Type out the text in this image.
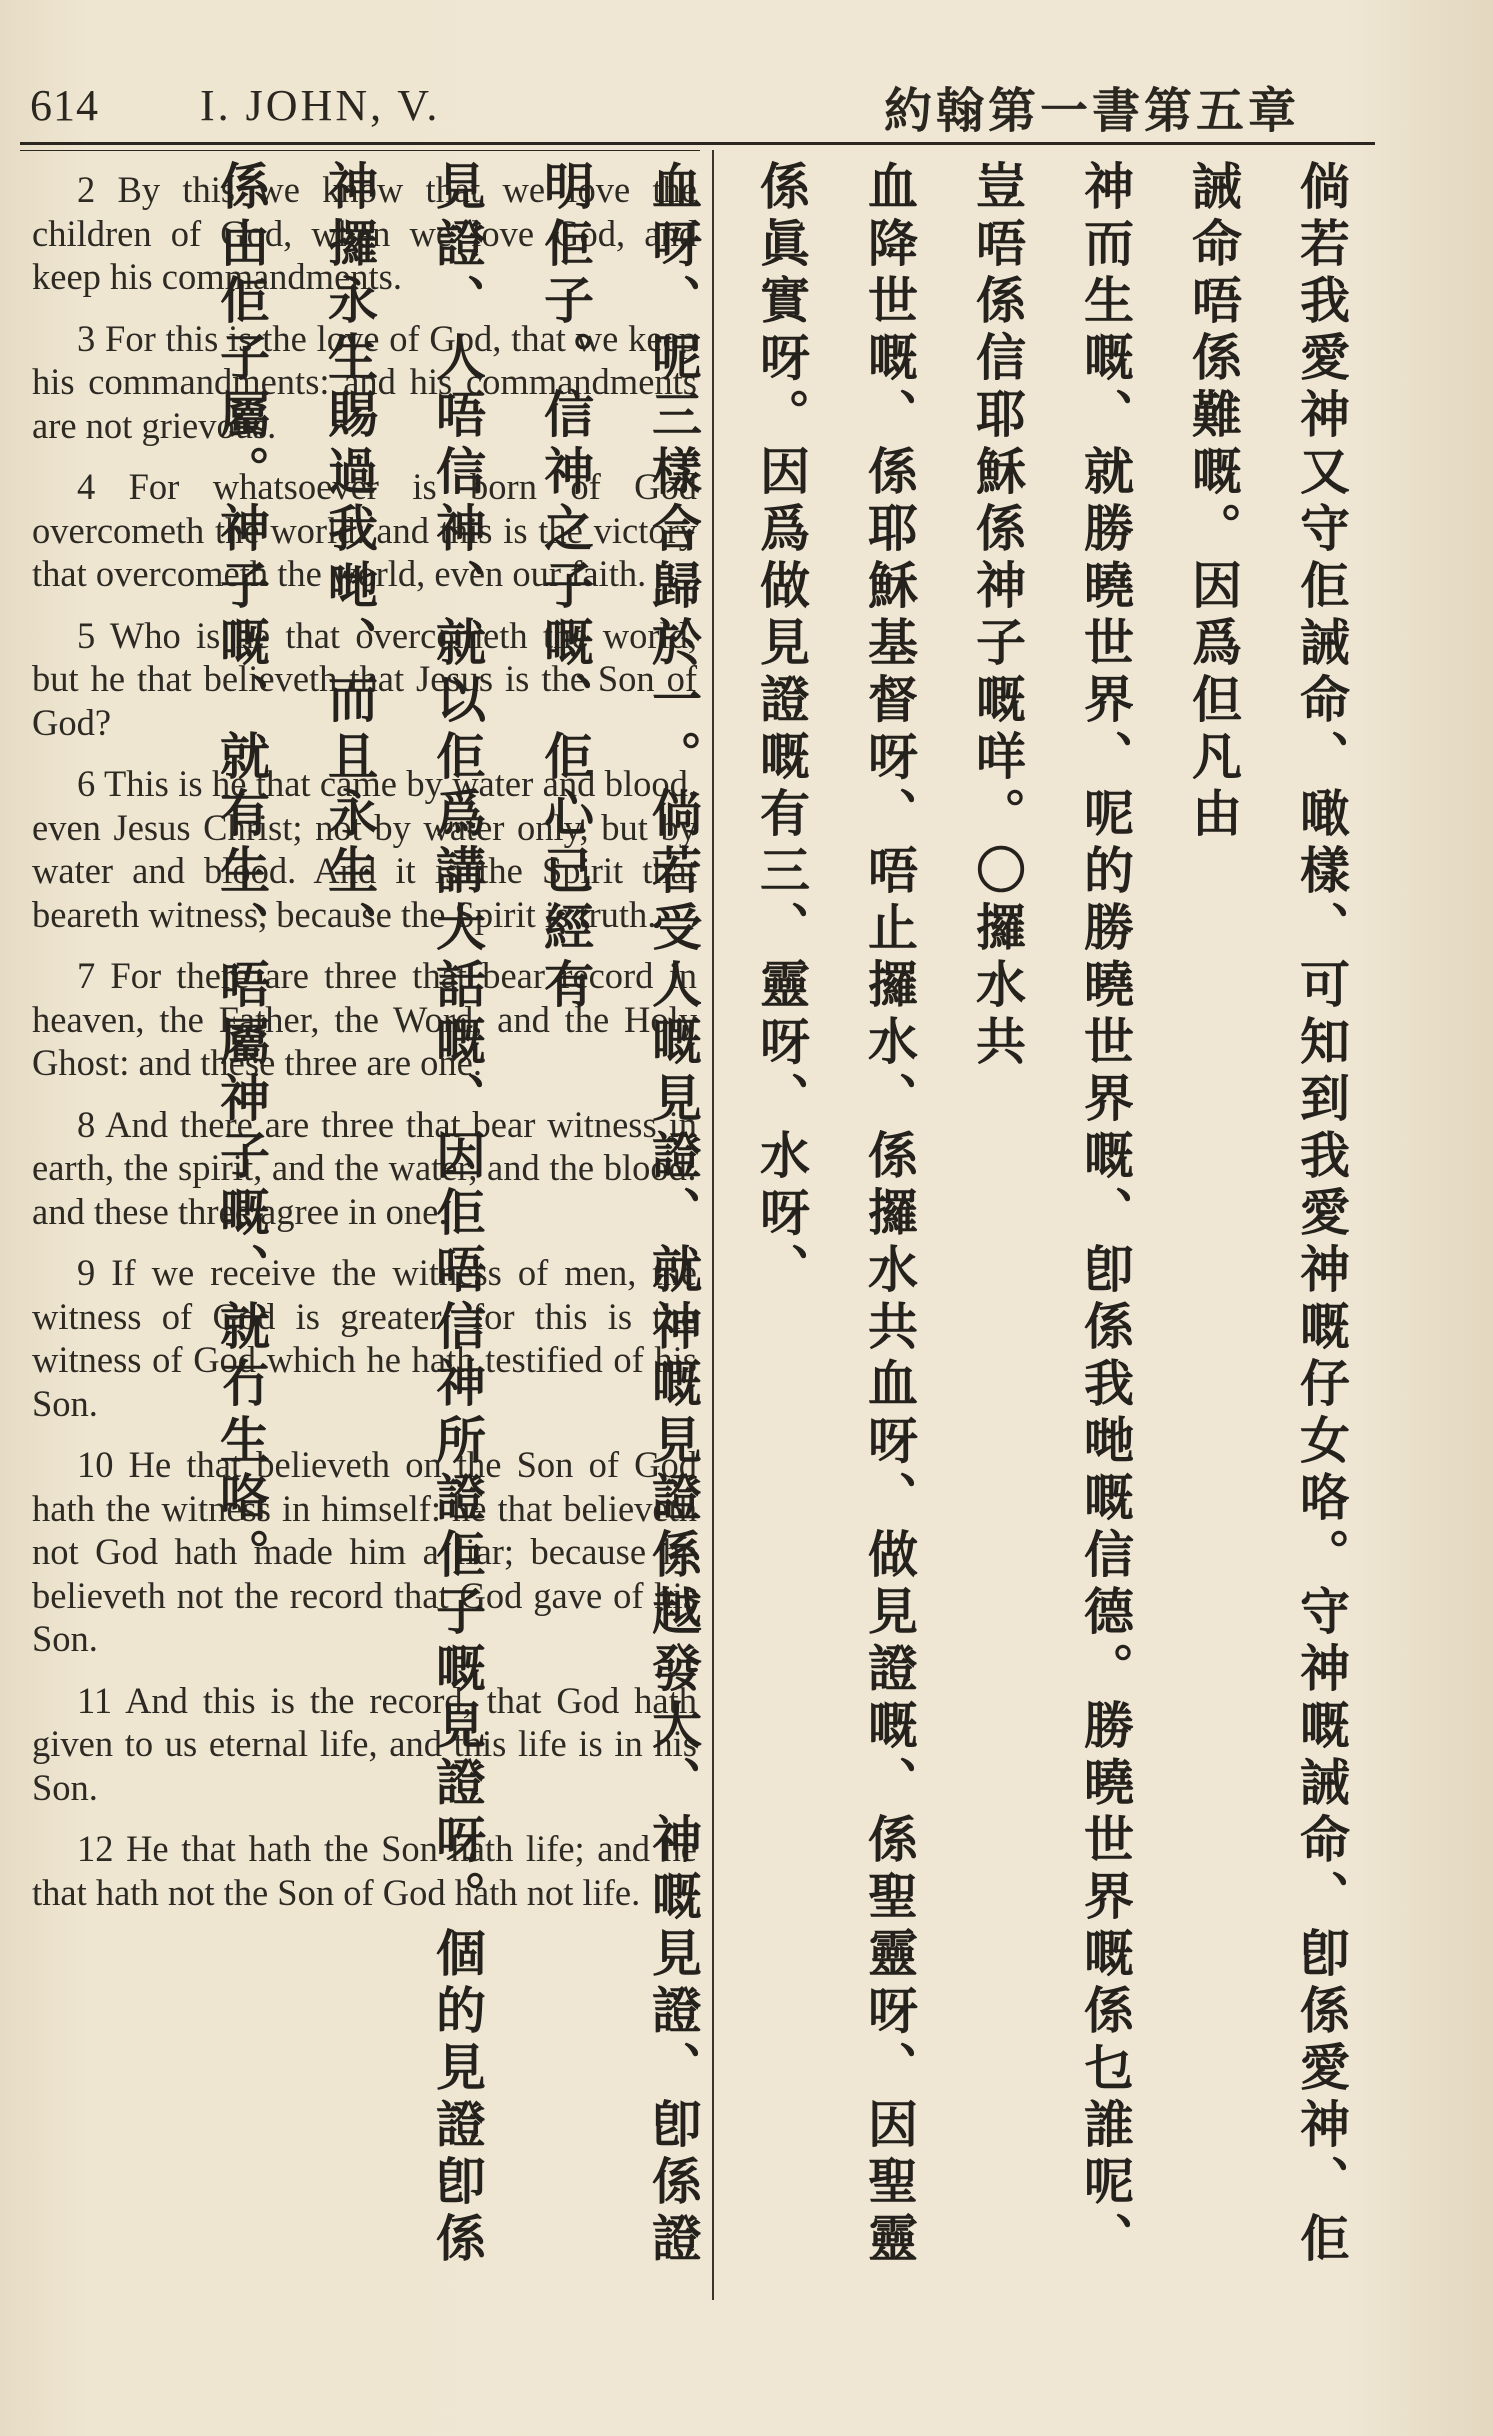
614 I. JOHN, V.	約翰第一書第五章

2 By this we know that we love the children of God, when we love God, and keep his commandments.

3 For this is the love of God, that we keep his commandments: and his commandments are not grievous.

4 For whatsoever is born of God overcometh the world: and this is the victory that overcometh the world, even our faith.

5 Who is he that overcometh the world, but he that believeth that Jesus is the Son of God?

6 This is he that came by water and blood, even Jesus Christ; not by water only, but by water and blood. And it is the Spirit that beareth witness, because the Spirit is truth.

7 For there are three that bear record in heaven, the Father, the Word, and the Holy Ghost: and these three are one.

8 And there are three that bear witness in earth, the spirit, and the water, and the blood: and these three agree in one.

9 If we receive the witness of men, the witness of God is greater: for this is the witness of God which he hath testified of his Son.

10 He that believeth on the Son of God hath the witness in himself: he that believeth not God hath made him a liar; because he believeth not the record that God gave of his Son.

11 And this is the record, that God hath given to us eternal life, and this life is in his Son.

12 He that hath the Son hath life; and he that hath not the Son of God hath not life.	倘若我愛神又守佢誡命、噉樣、可知到我愛神嘅仔女咯。守神嘅誡命、卽係愛神、佢誡命唔係難嘅。因爲但凡由

神而生嘅、就勝曉世界、呢的勝曉世界嘅、卽係我哋嘅信德。勝曉世界嘅係乜誰呢、豈唔係信耶穌係神子嘅咩。〇攞水共

血降世嘅、係耶穌基督呀、唔止攞水、係攞水共血呀、做見證嘅、係聖靈呀、因聖靈係眞實呀。因爲做見證嘅有三、靈呀、水呀、

血呀、呢三樣合歸於一。倘若受人嘅見證、就神嘅見證係越發大、神嘅見證、卽係證明佢子。信神之子嘅、佢心已經有

見證、人唔信神、就以佢爲講大話嘅、因佢唔信神所證佢子嘅見證呀。個的見證卽係神攞永生賜過我哋、而且永生、

係由佢子屬。神子嘅、就有生、唔屬神子嘅、就冇生咯。
